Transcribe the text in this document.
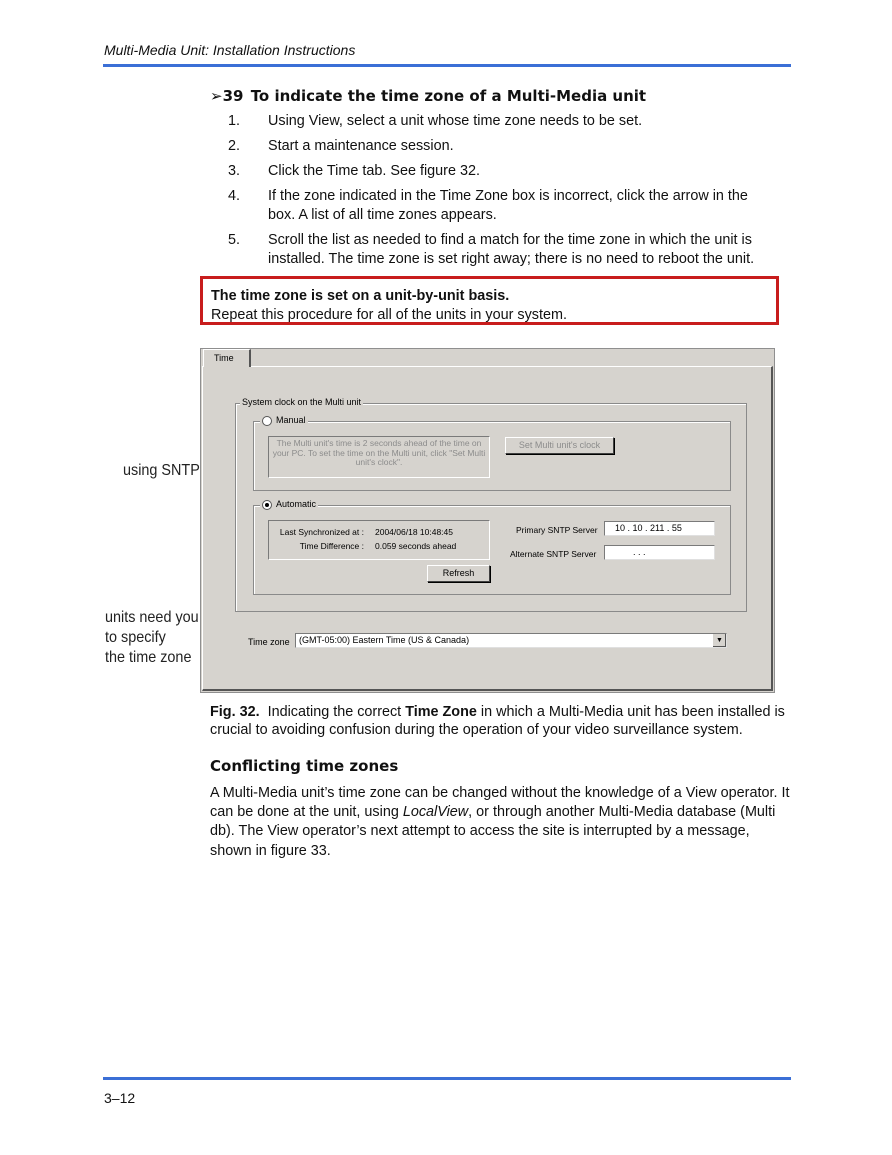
Multi-Media Unit: Installation Instructions
➢39 To indicate the time zone of a Multi-Media unit
1.	Using View, select a unit whose time zone needs to be set.
2.	Start a maintenance session.
3.	Click the Time tab. See figure 32.
4.	If the zone indicated in the Time Zone box is incorrect, click the arrow in the box. A list of all time zones appears.
5.	Scroll the list as needed to find a match for the time zone in which the unit is installed. The time zone is set right away; there is no need to reboot the unit.
The time zone is set on a unit-by-unit basis.
Repeat this procedure for all of the units in your system.
using SNTP
units need you
to specify
the time zone
Time
System clock on the Multi unit
Manual
The Multi unit's time is 2 seconds ahead of the time on your PC. To set the time on the Multi unit, click "Set Multi unit's clock".
Set Multi unit's clock
Automatic
Last Synchronized at : 2004/06/18 10:48:45
Time Difference : 0.059 seconds ahead
Primary SNTP Server	10 . 10 . 211 . 55
Alternate SNTP Server	. . .
Refresh
Time zone	(GMT-05:00) Eastern Time (US & Canada)	▼
Fig. 32. Indicating the correct Time Zone in which a Multi-Media unit has been installed is crucial to avoiding confusion during the operation of your video surveillance system.
Conflicting time zones
A Multi-Media unit’s time zone can be changed without the knowledge of a View operator. It can be done at the unit, using LocalView, or through another Multi-Media database (Multi db). The View operator’s next attempt to access the site is interrupted by a message, shown in figure 33.
3–12
